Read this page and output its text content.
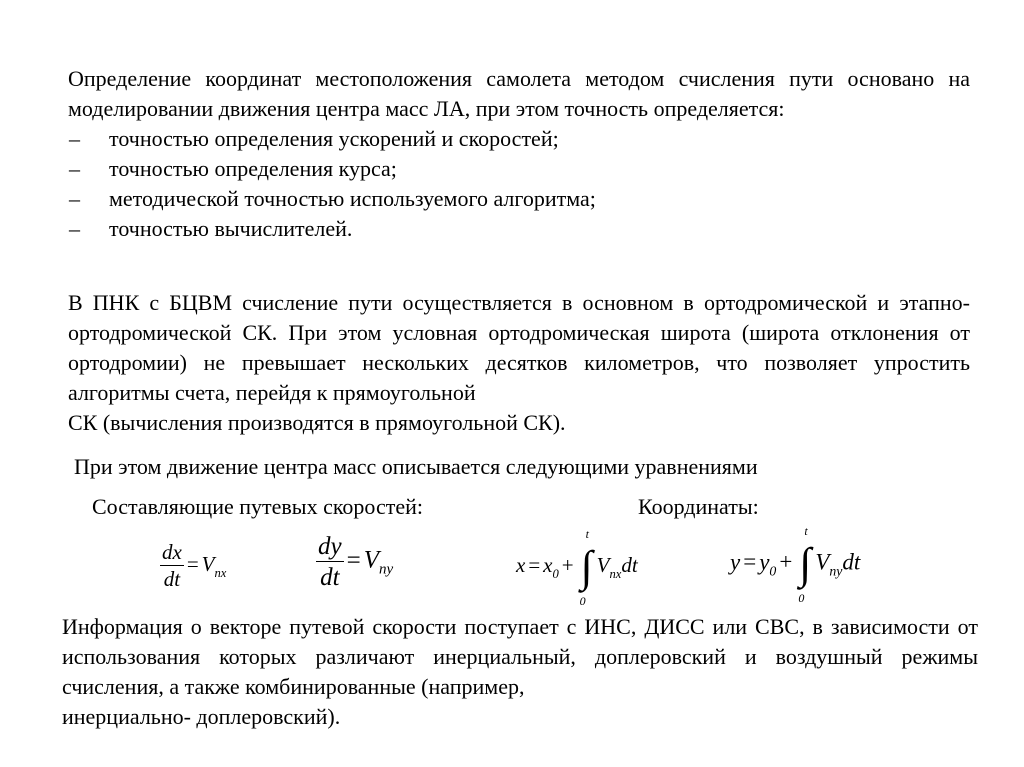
Определение координат местоположения самолета методом счисления пути основано на моделировании движения центра масс ЛА, при этом точность определяется:
– точностью определения ускорений и скоростей;
– точностью определения курса;
– методической точностью используемого алгоритма;
– точностью вычислителей.
В ПНК с БЦВМ счисление пути осуществляется в основном в ортодромической и этапно-ортодромической СК. При этом условная ортодромическая широта (широта отклонения от ортодромии) не превышает нескольких десятков километров, что позволяет упростить алгоритмы счета, перейдя к прямоугольной
СК (вычисления производятся в прямоугольной СК).
При этом движение центра масс описывается следующими уравнениями
Составляющие путевых скоростей:	Координаты:
$\frac{dx}{dt} = V_{nx}$	$\frac{dy}{dt} = V_{ny}$	$x = x_0$ +
t
∫
0
$V_{nx}dt$	$y = y_0$ +
t
∫
0
$V_{ny}dt$
Информация о векторе путевой скорости поступает с ИНС, ДИСС или СВС, в зависимости от использования которых различают инерциальный, доплеровский и воздушный режимы счисления, а также комбинированные (например,
инерциально- доплеровский).
